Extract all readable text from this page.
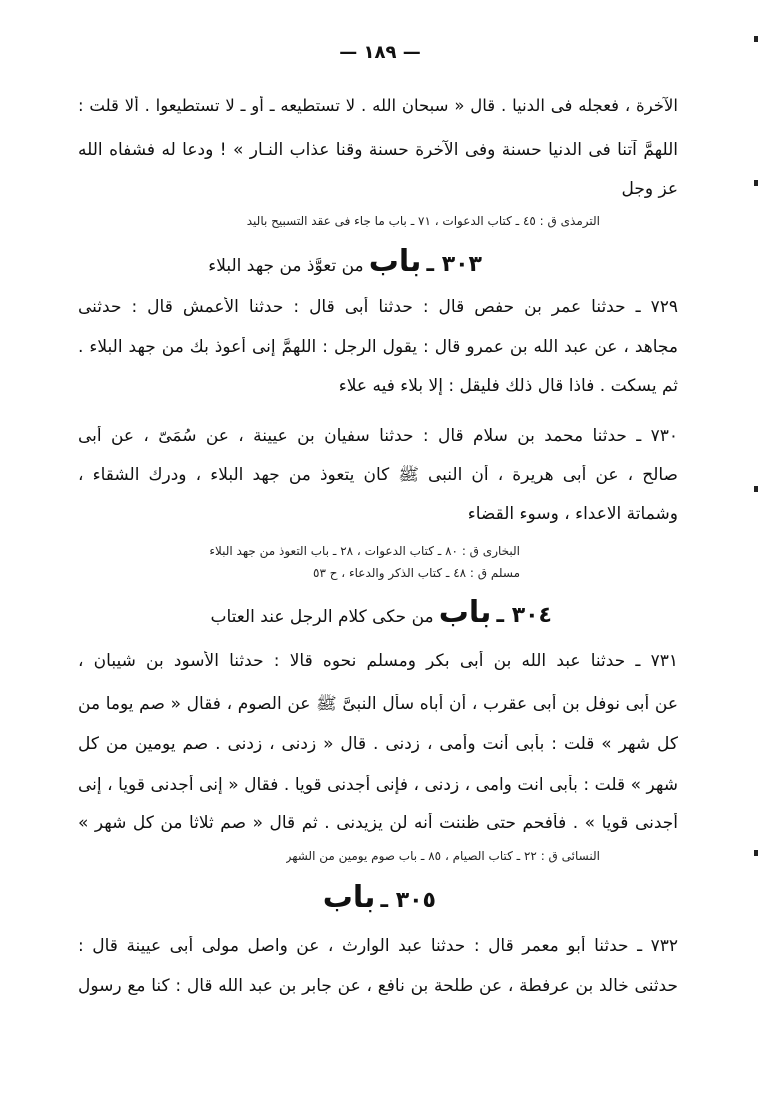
— ١٨٩ —
الآخرة ، فعجله فى الدنيا . قال « سبحان الله . لا تستطيعه ـ أو ـ لا تستطيعوا . ألا قلت :
اللهمَّ آتنا فى الدنيا حسنة وفى الآخرة حسنة وقنا عذاب النـار » ! ودعا له فشفاه الله
عز وجل
الترمذى ق : ٤٥ ـ كتاب الدعوات ، ٧١ ـ باب ما جاء فى عقد التسبيح باليد
٣٠٣ ـ باب من تعوَّذ من جهد البلاء
٧٢٩ ـ حدثنا عمر بن حفص قال : حدثنا أبى قال : حدثنا الأعمش قال : حدثنى
مجاهد ، عن عبد الله بن عمرو قال : يقول الرجل : اللهمَّ إنى أعوذ بك من جهد البلاء .
ثم يسكت . فاذا قال ذلك فليقل : إلا بلاء فيه علاء
٧٣٠ ـ حدثنا محمد بن سلام قال : حدثنا سفيان بن عيينة ، عن سُمَىّ ، عن أبى
صالح ، عن أبى هريرة ، أن النبى ﷺ كان يتعوذ من جهد البلاء ، ودرك الشقاء ،
وشماتة الاعداء ، وسوء القضاء
البخارى ق : ٨٠ ـ كتاب الدعوات ، ٢٨ ـ باب التعوذ من جهد البلاء
مسلم ق : ٤٨ ـ كتاب الذكر والدعاء ، ح ٥٣
٣٠٤ ـ باب من حكى كلام الرجل عند العتاب
٧٣١ ـ حدثنا عبد الله بن أبى بكر ومسلم نحوه قالا : حدثنا الأسود بن شيبان ،
عن أبى نوفل بن أبى عقرب ، أن أباه سأل النبىَّ ﷺ عن الصوم ، فقال « صم يوما من
كل شهر » قلت : بأبى أنت وأمى ، زدنى . قال « زدنى ، زدنى . صم يومين من كل
شهر » قلت : بأبى انت وامى ، زدنى ، فإنى أجدنى قويا . فقال « إنى أجدنى قويا ، إنى
أجدنى قويا » . فأفحم حتى ظننت أنه لن يزيدنى . ثم قال « صم ثلاثا من كل شهر »
النسائى ق : ٢٢ ـ كتاب الصيام ، ٨٥ ـ باب صوم يومين من الشهر
٣٠٥ ـ باب
٧٣٢ ـ حدثنا أبو معمر قال : حدثنا عبد الوارث ، عن واصل مولى أبى عيينة قال :
حدثنى خالد بن عرفطة ، عن طلحة بن نافع ، عن جابر بن عبد الله قال : كنا مع رسول
